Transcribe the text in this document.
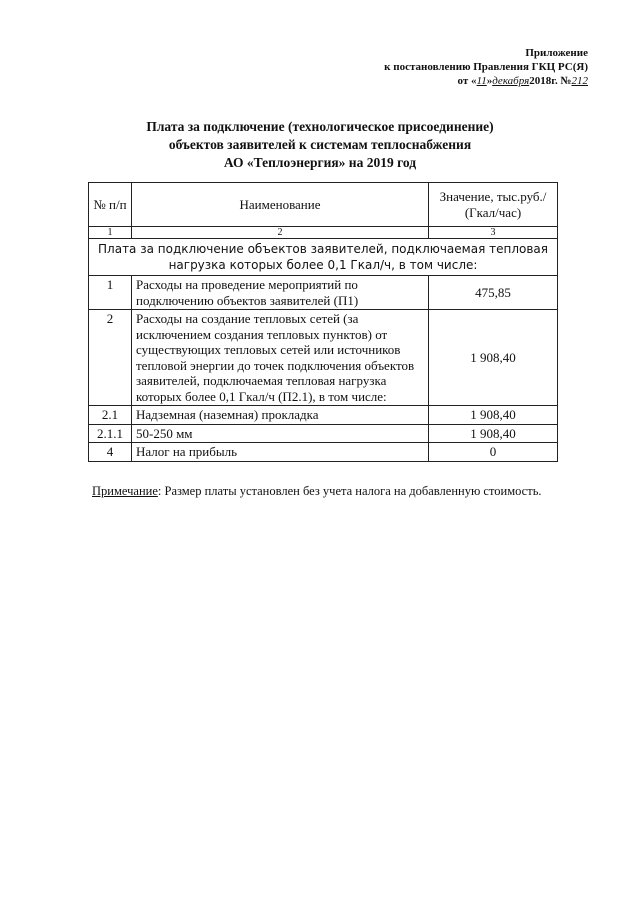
Приложение
к постановлению Правления ГКЦ РС(Я)
от «11»декабря2018г. №212
Плата за подключение (технологическое присоединение)
объектов заявителей к системам теплоснабжения
АО «Теплоэнергия» на 2019 год
№ п/п	Наименование	Значение, тыс.руб./ (Гкал/час)
1	2	3
Плата за подключение объектов заявителей, подключаемая тепловая нагрузка которых более 0,1 Гкал/ч, в том числе:		
1	Расходы на проведение мероприятий по подключению объектов заявителей (П1)	475,85
2	Расходы на создание тепловых сетей (за исключением создания тепловых пунктов) от существующих тепловых сетей или источников тепловой энергии до точек подключения объектов заявителей, подключаемая тепловая нагрузка которых более 0,1 Гкал/ч (П2.1), в том числе:	1 908,40
2.1	Надземная (наземная) прокладка	1 908,40
2.1.1	50-250 мм	1 908,40
4	Налог на прибыль	0
Примечание: Размер платы установлен без учета налога на добавленную стоимость.
